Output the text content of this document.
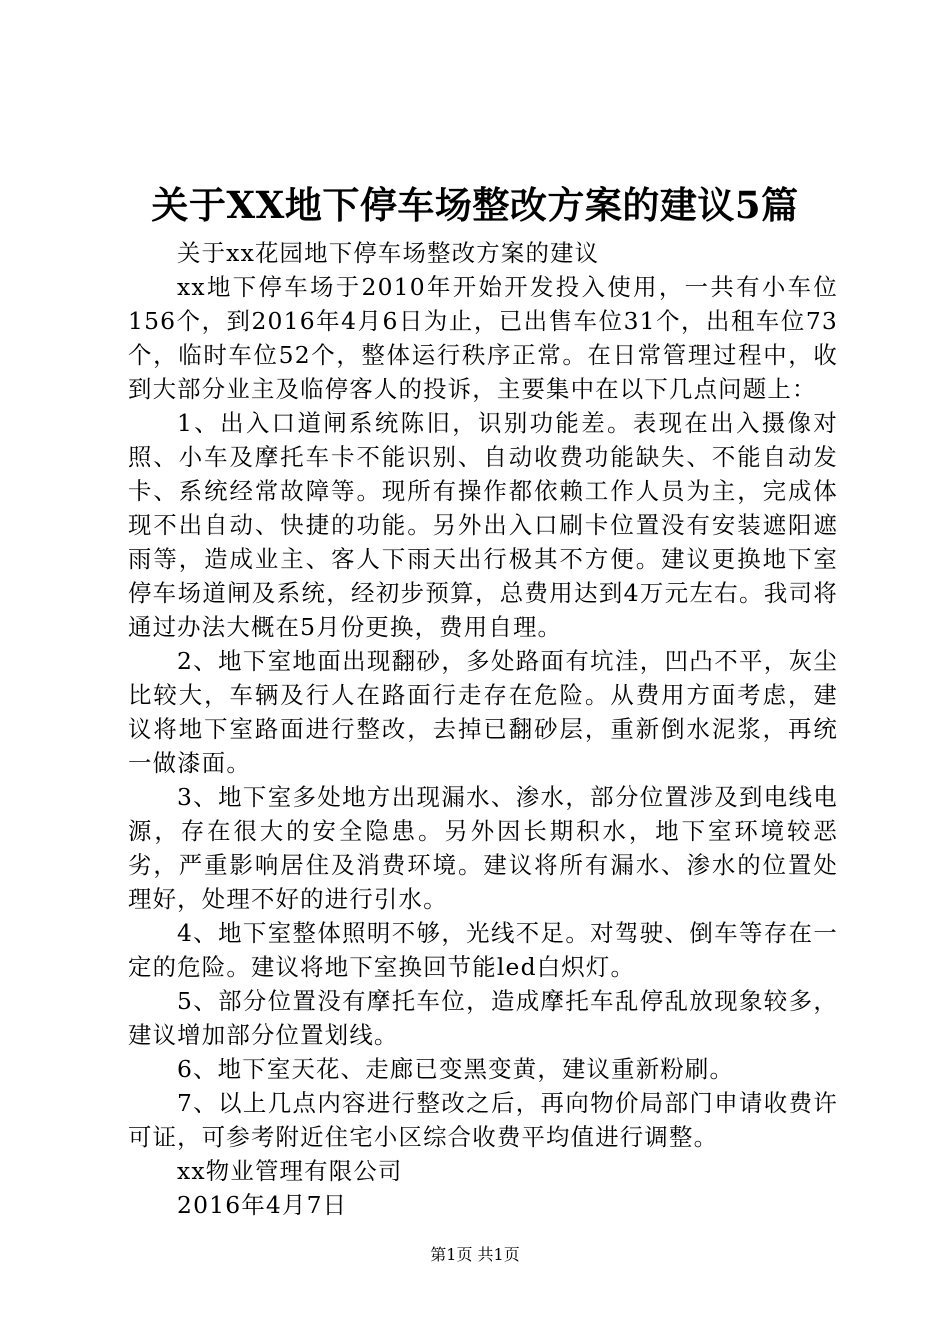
关于XX地下停车场整改方案的建议5篇

关于xx花园地下停车场整改方案的建议

xx地下停车场于2010年开始开发投入使用，一共有小车位156个，到2016年4月6日为止，已出售车位31个，出租车位73个，临时车位52个，整体运行秩序正常。在日常管理过程中，收到大部分业主及临停客人的投诉，主要集中在以下几点问题上：

1、出入口道闸系统陈旧，识别功能差。表现在出入摄像对照、小车及摩托车卡不能识别、自动收费功能缺失、不能自动发卡、系统经常故障等。现所有操作都依赖工作人员为主，完成体现不出自动、快捷的功能。另外出入口刷卡位置没有安装遮阳遮雨等，造成业主、客人下雨天出行极其不方便。建议更换地下室停车场道闸及系统，经初步预算，总费用达到4万元左右。我司将通过办法大概在5月份更换，费用自理。

2、地下室地面出现翻砂，多处路面有坑洼，凹凸不平，灰尘比较大，车辆及行人在路面行走存在危险。从费用方面考虑，建议将地下室路面进行整改，去掉已翻砂层，重新倒水泥浆，再统一做漆面。

3、地下室多处地方出现漏水、渗水，部分位置涉及到电线电源，存在很大的安全隐患。另外因长期积水，地下室环境较恶劣，严重影响居住及消费环境。建议将所有漏水、渗水的位置处理好，处理不好的进行引水。

4、地下室整体照明不够，光线不足。对驾驶、倒车等存在一定的危险。建议将地下室换回节能led白炽灯。

5、部分位置没有摩托车位，造成摩托车乱停乱放现象较多，建议增加部分位置划线。

6、地下室天花、走廊已变黑变黄，建议重新粉刷。

7、以上几点内容进行整改之后，再向物价局部门申请收费许可证，可参考附近住宅小区综合收费平均值进行调整。

xx物业管理有限公司

2016年4月7日

第1页 共1页
